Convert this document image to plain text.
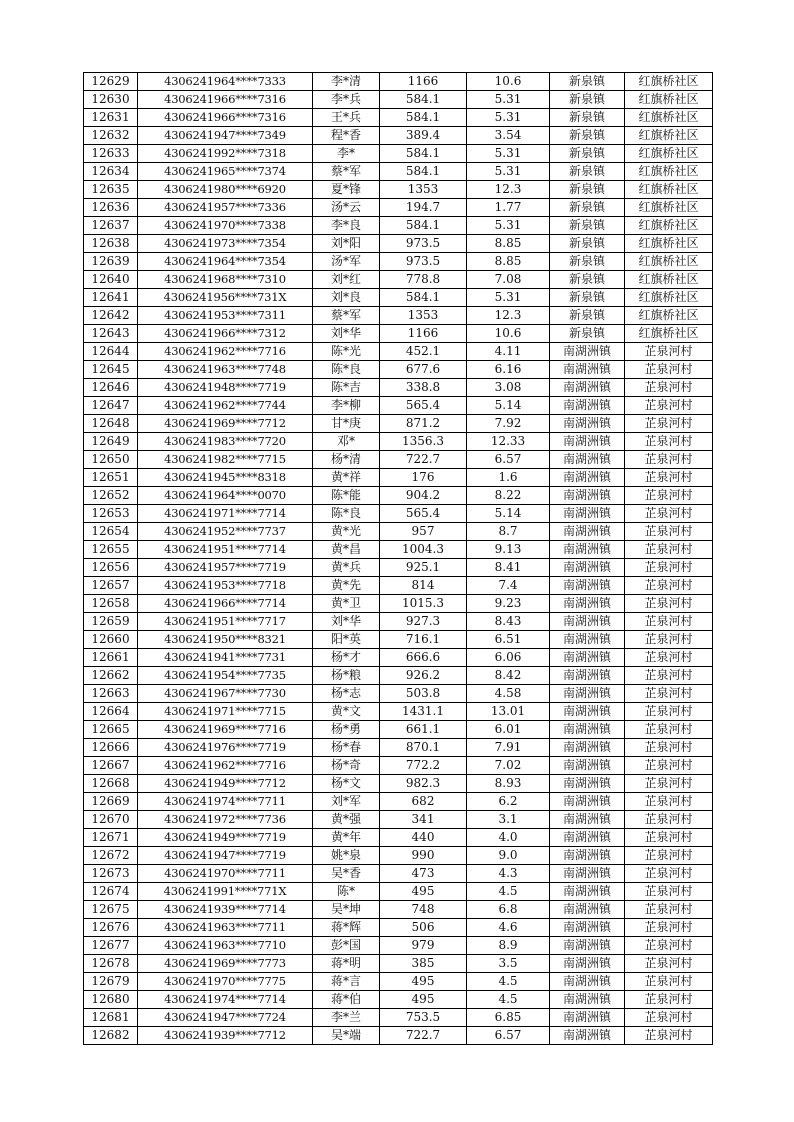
12629	4306241964****7333	李*清	1166	10.6	新泉镇	红旗桥社区
12630	4306241966****7316	李*兵	584.1	5.31	新泉镇	红旗桥社区
12631	4306241966****7316	王*兵	584.1	5.31	新泉镇	红旗桥社区
12632	4306241947****7349	程*香	389.4	3.54	新泉镇	红旗桥社区
12633	4306241992****7318	李*	584.1	5.31	新泉镇	红旗桥社区
12634	4306241965****7374	蔡*军	584.1	5.31	新泉镇	红旗桥社区
12635	4306241980****6920	夏*锋	1353	12.3	新泉镇	红旗桥社区
12636	4306241957****7336	汤*云	194.7	1.77	新泉镇	红旗桥社区
12637	4306241970****7338	李*良	584.1	5.31	新泉镇	红旗桥社区
12638	4306241973****7354	刘*阳	973.5	8.85	新泉镇	红旗桥社区
12639	4306241964****7354	汤*军	973.5	8.85	新泉镇	红旗桥社区
12640	4306241968****7310	刘*红	778.8	7.08	新泉镇	红旗桥社区
12641	4306241956****731X	刘*良	584.1	5.31	新泉镇	红旗桥社区
12642	4306241953****7311	蔡*军	1353	12.3	新泉镇	红旗桥社区
12643	4306241966****7312	刘*华	1166	10.6	新泉镇	红旗桥社区
12644	4306241962****7716	陈*光	452.1	4.11	南湖洲镇	芷泉河村
12645	4306241963****7748	陈*良	677.6	6.16	南湖洲镇	芷泉河村
12646	4306241948****7719	陈*吉	338.8	3.08	南湖洲镇	芷泉河村
12647	4306241962****7744	李*柳	565.4	5.14	南湖洲镇	芷泉河村
12648	4306241969****7712	甘*庚	871.2	7.92	南湖洲镇	芷泉河村
12649	4306241983****7720	邓*	1356.3	12.33	南湖洲镇	芷泉河村
12650	4306241982****7715	杨*清	722.7	6.57	南湖洲镇	芷泉河村
12651	4306241945****8318	黄*祥	176	1.6	南湖洲镇	芷泉河村
12652	4306241964****0070	陈*能	904.2	8.22	南湖洲镇	芷泉河村
12653	4306241971****7714	陈*良	565.4	5.14	南湖洲镇	芷泉河村
12654	4306241952****7737	黄*光	957	8.7	南湖洲镇	芷泉河村
12655	4306241951****7714	黄*昌	1004.3	9.13	南湖洲镇	芷泉河村
12656	4306241957****7719	黄*兵	925.1	8.41	南湖洲镇	芷泉河村
12657	4306241953****7718	黄*先	814	7.4	南湖洲镇	芷泉河村
12658	4306241966****7714	黄*卫	1015.3	9.23	南湖洲镇	芷泉河村
12659	4306241951****7717	刘*华	927.3	8.43	南湖洲镇	芷泉河村
12660	4306241950****8321	阳*英	716.1	6.51	南湖洲镇	芷泉河村
12661	4306241941****7731	杨*才	666.6	6.06	南湖洲镇	芷泉河村
12662	4306241954****7735	杨*粮	926.2	8.42	南湖洲镇	芷泉河村
12663	4306241967****7730	杨*志	503.8	4.58	南湖洲镇	芷泉河村
12664	4306241971****7715	黄*文	1431.1	13.01	南湖洲镇	芷泉河村
12665	4306241969****7716	杨*勇	661.1	6.01	南湖洲镇	芷泉河村
12666	4306241976****7719	杨*春	870.1	7.91	南湖洲镇	芷泉河村
12667	4306241962****7716	杨*奇	772.2	7.02	南湖洲镇	芷泉河村
12668	4306241949****7712	杨*文	982.3	8.93	南湖洲镇	芷泉河村
12669	4306241974****7711	刘*军	682	6.2	南湖洲镇	芷泉河村
12670	4306241972****7736	黄*强	341	3.1	南湖洲镇	芷泉河村
12671	4306241949****7719	黄*年	440	4.0	南湖洲镇	芷泉河村
12672	4306241947****7719	姚*泉	990	9.0	南湖洲镇	芷泉河村
12673	4306241970****7711	吴*香	473	4.3	南湖洲镇	芷泉河村
12674	4306241991****771X	陈*	495	4.5	南湖洲镇	芷泉河村
12675	4306241939****7714	吴*坤	748	6.8	南湖洲镇	芷泉河村
12676	4306241963****7711	蒋*辉	506	4.6	南湖洲镇	芷泉河村
12677	4306241963****7710	彭*国	979	8.9	南湖洲镇	芷泉河村
12678	4306241969****7773	蒋*明	385	3.5	南湖洲镇	芷泉河村
12679	4306241970****7775	蒋*言	495	4.5	南湖洲镇	芷泉河村
12680	4306241974****7714	蒋*伯	495	4.5	南湖洲镇	芷泉河村
12681	4306241947****7724	李*兰	753.5	6.85	南湖洲镇	芷泉河村
12682	4306241939****7712	吴*端	722.7	6.57	南湖洲镇	芷泉河村
